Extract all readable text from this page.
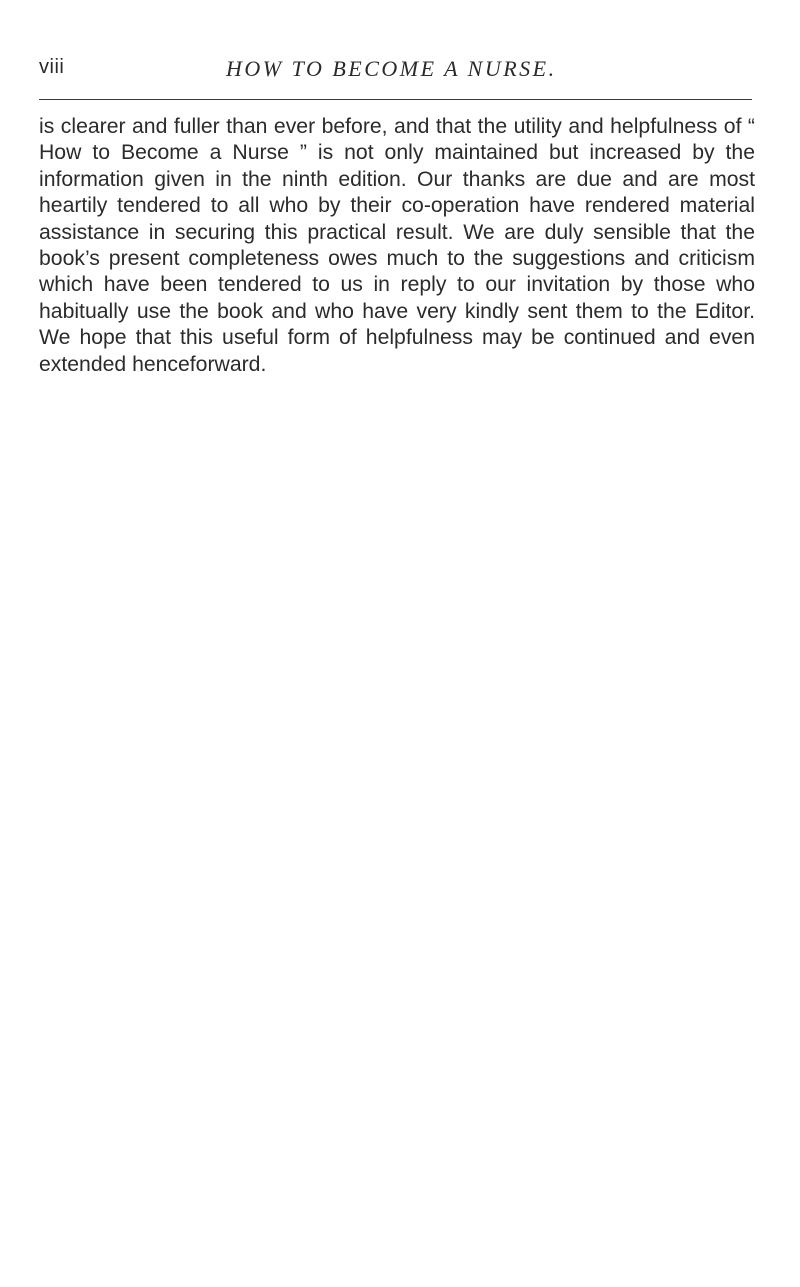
viii	HOW TO BECOME A NURSE.

is clearer and fuller than ever before, and that the utility and helpfulness of “ How to Become a Nurse ” is not only maintained but increased by the information given in the ninth edition. Our thanks are due and are most heartily tendered to all who by their co-operation have rendered material assistance in securing this practical result. We are duly sensible that the book’s present completeness owes much to the suggestions and criticism which have been tendered to us in reply to our invitation by those who habitually use the book and who have very kindly sent them to the Editor. We hope that this useful form of helpfulness may be continued and even extended henceforward.
